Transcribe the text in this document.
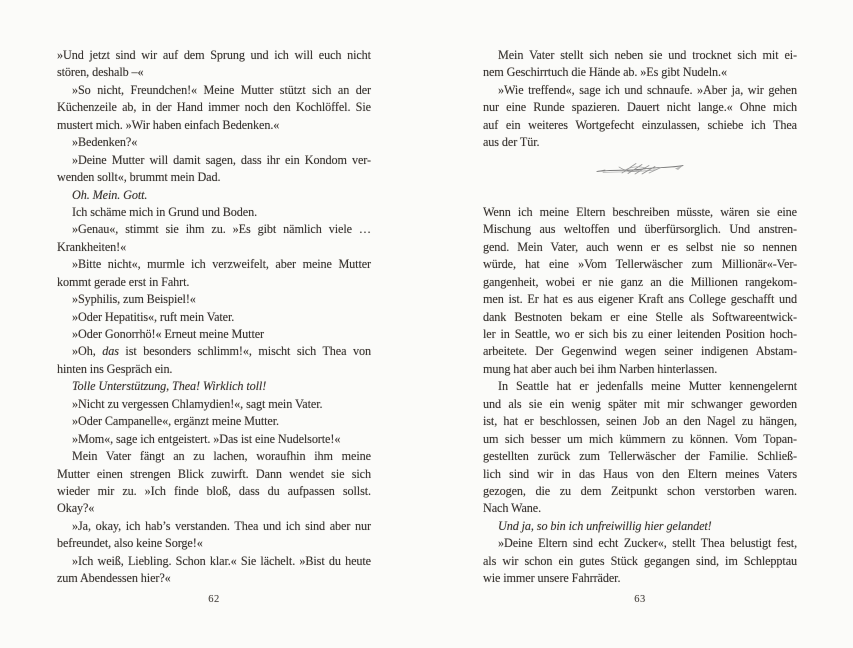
»Und jetzt sind wir auf dem Sprung und ich will euch nicht
stören, deshalb –«
»So nicht, Freundchen!« Meine Mutter stützt sich an der
Küchenzeile ab, in der Hand immer noch den Kochlöffel. Sie
mustert mich. »Wir haben einfach Bedenken.«
»Bedenken?«
»Deine Mutter will damit sagen, dass ihr ein Kondom ver-
wenden sollt«, brummt mein Dad.
Oh. Mein. Gott.
Ich schäme mich in Grund und Boden.
»Genau«, stimmt sie ihm zu. »Es gibt nämlich viele …
Krankheiten!«
»Bitte nicht«, murmle ich verzweifelt, aber meine Mutter
kommt gerade erst in Fahrt.
»Syphilis, zum Beispiel!«
»Oder Hepatitis«, ruft mein Vater.
»Oder Gonorrhö!« Erneut meine Mutter
»Oh, das ist besonders schlimm!«, mischt sich Thea von
hinten ins Gespräch ein.
Tolle Unterstützung, Thea! Wirklich toll!
»Nicht zu vergessen Chlamydien!«, sagt mein Vater.
»Oder Campanelle«, ergänzt meine Mutter.
»Mom«, sage ich entgeistert. »Das ist eine Nudelsorte!«
Mein Vater fängt an zu lachen, woraufhin ihm meine
Mutter einen strengen Blick zuwirft. Dann wendet sie sich
wieder mir zu. »Ich finde bloß, dass du aufpassen sollst.
Okay?«
»Ja, okay, ich hab’s verstanden. Thea und ich sind aber nur
befreundet, also keine Sorge!«
»Ich weiß, Liebling. Schon klar.« Sie lächelt. »Bist du heute
zum Abendessen hier?«
62
Mein Vater stellt sich neben sie und trocknet sich mit ei-
nem Geschirrtuch die Hände ab. »Es gibt Nudeln.«
»Wie treffend«, sage ich und schnaufe. »Aber ja, wir gehen
nur eine Runde spazieren. Dauert nicht lange.« Ohne mich
auf ein weiteres Wortgefecht einzulassen, schiebe ich Thea
aus der Tür.
Wenn ich meine Eltern beschreiben müsste, wären sie eine
Mischung aus weltoffen und überfürsorglich. Und anstren-
gend. Mein Vater, auch wenn er es selbst nie so nennen
würde, hat eine »Vom Tellerwäscher zum Millionär«-Ver-
gangenheit, wobei er nie ganz an die Millionen rangekom-
men ist. Er hat es aus eigener Kraft ans College geschafft und
dank Bestnoten bekam er eine Stelle als Softwareentwick-
ler in Seattle, wo er sich bis zu einer leitenden Position hoch-
arbeitete. Der Gegenwind wegen seiner indigenen Abstam-
mung hat aber auch bei ihm Narben hinterlassen.
In Seattle hat er jedenfalls meine Mutter kennengelernt
und als sie ein wenig später mit mir schwanger geworden
ist, hat er beschlossen, seinen Job an den Nagel zu hängen,
um sich besser um mich kümmern zu können. Vom Topan-
gestellten zurück zum Tellerwäscher der Familie. Schließ-
lich sind wir in das Haus von den Eltern meines Vaters
gezogen, die zu dem Zeitpunkt schon verstorben waren.
Nach Wane.
Und ja, so bin ich unfreiwillig hier gelandet!
»Deine Eltern sind echt Zucker«, stellt Thea belustigt fest,
als wir schon ein gutes Stück gegangen sind, im Schlepptau
wie immer unsere Fahrräder.
63
